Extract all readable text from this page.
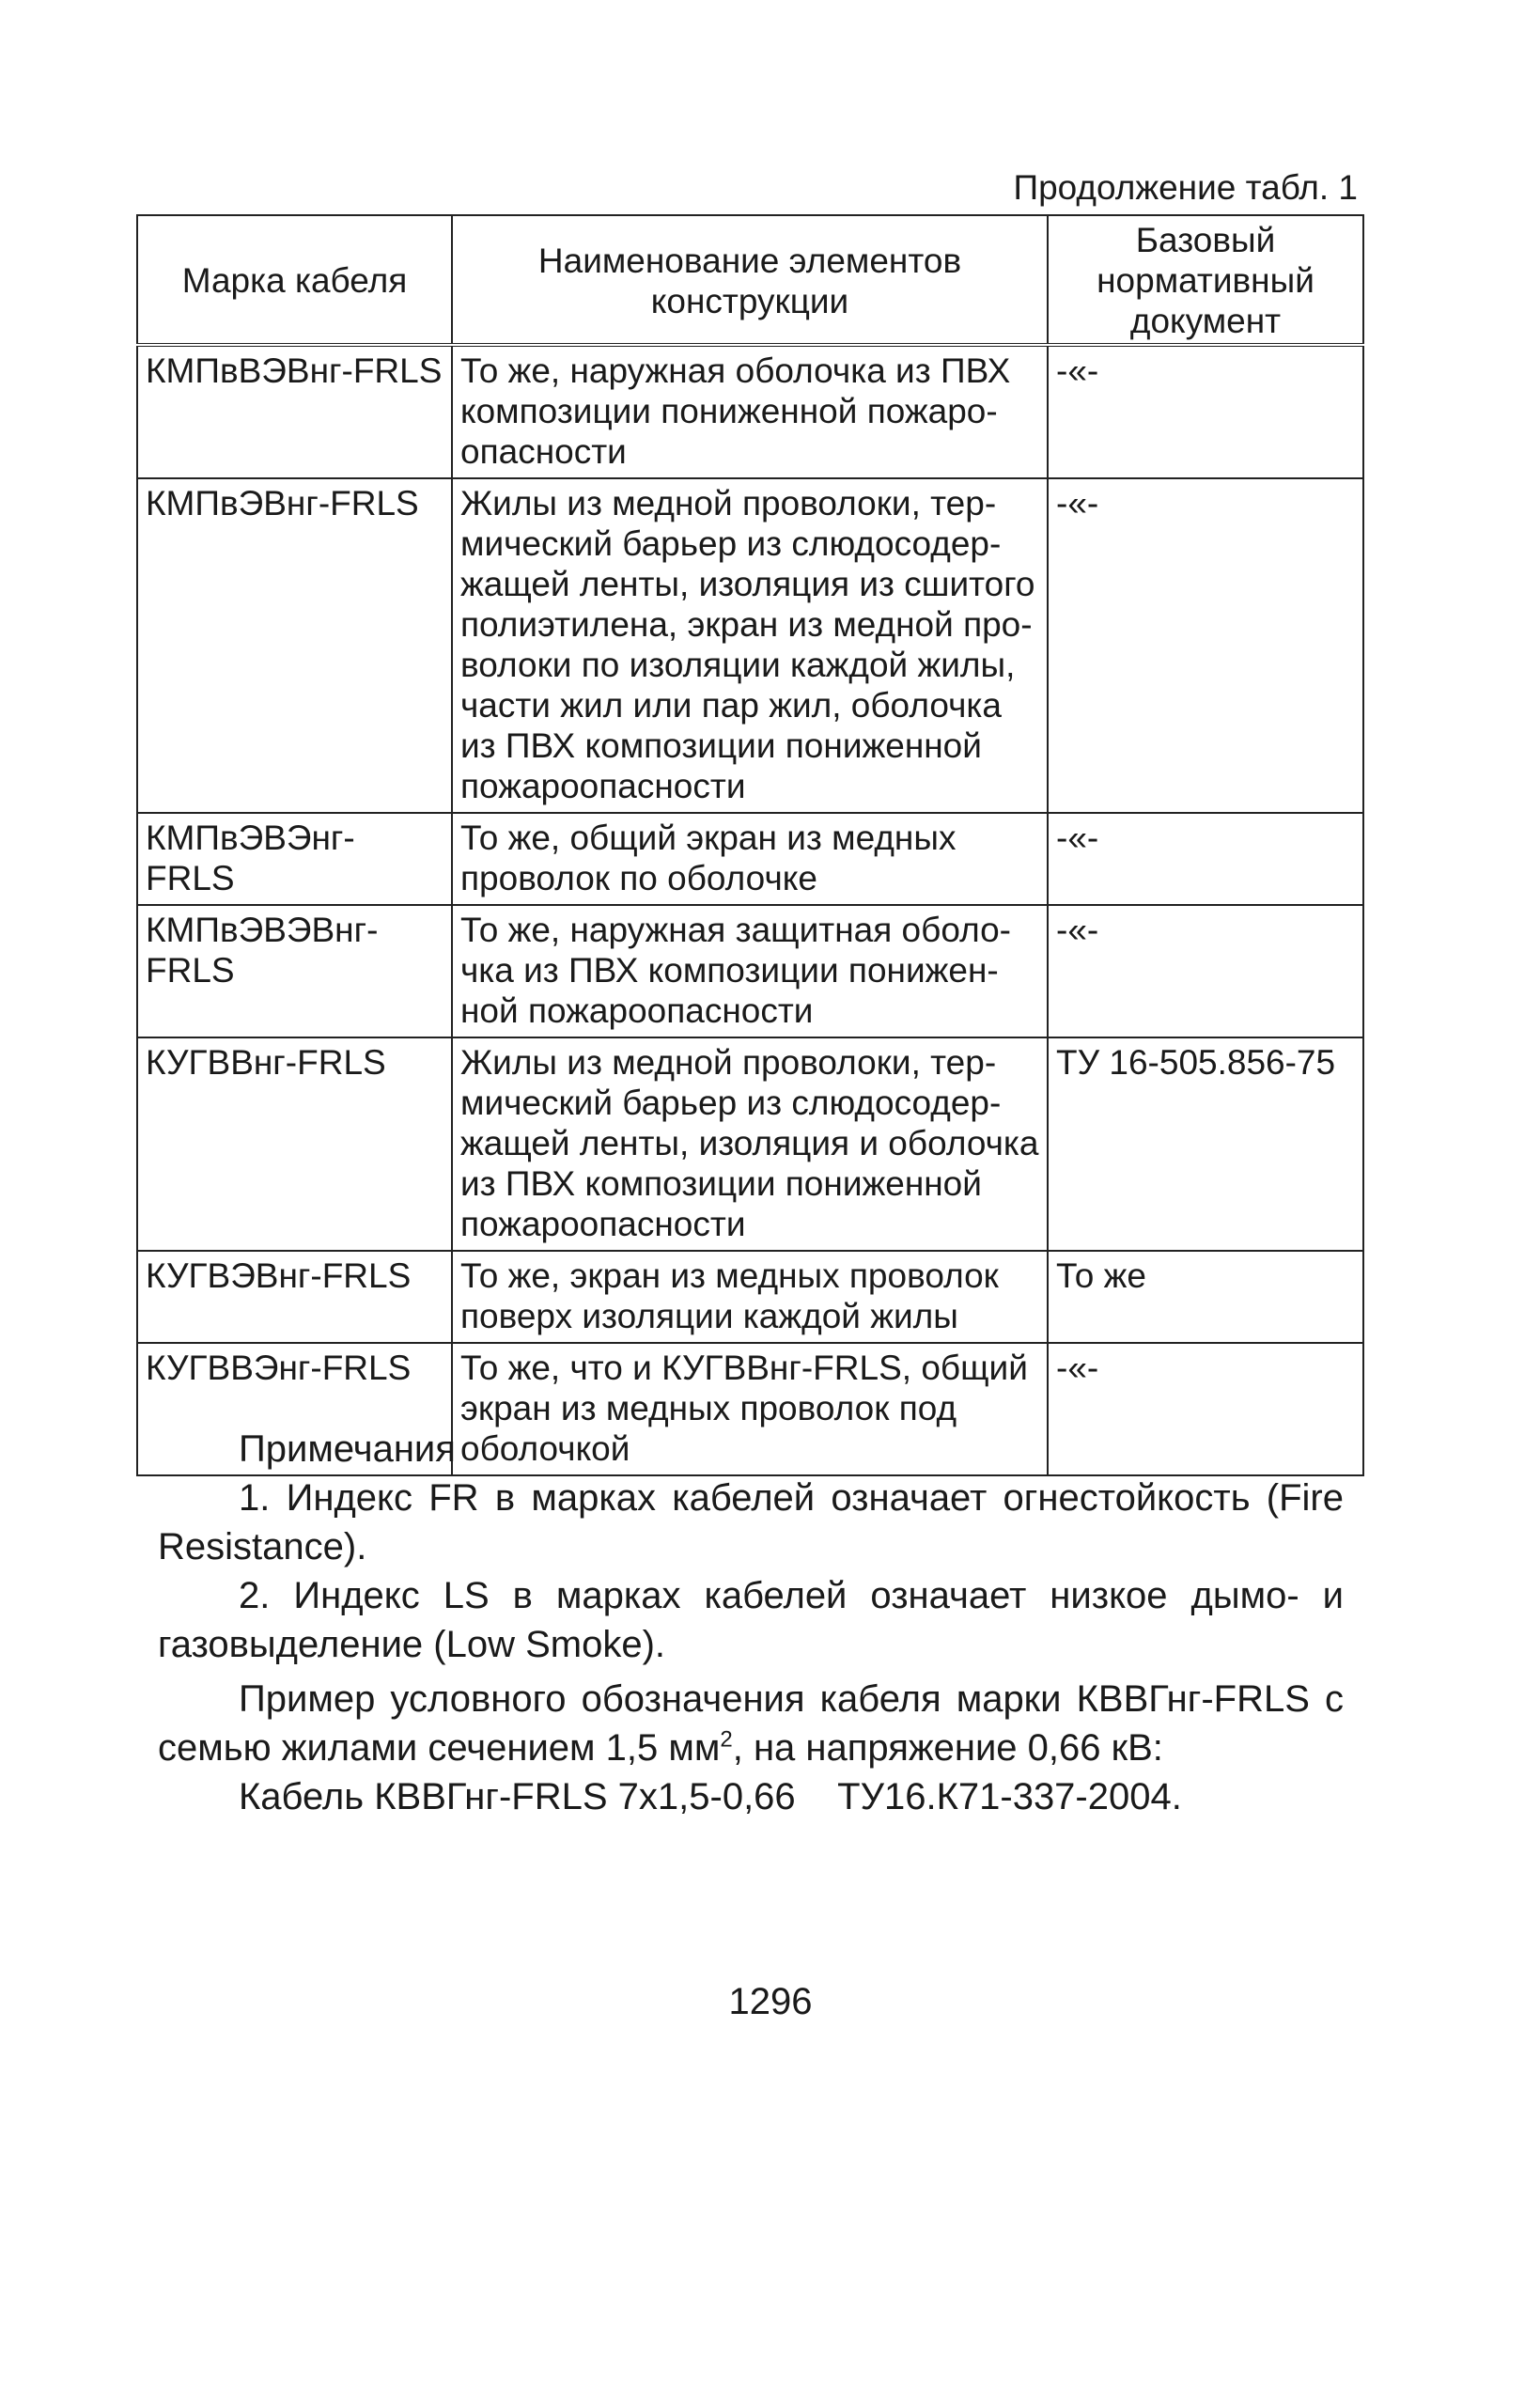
Продолжение табл. 1
Марка кабеля	Наименование элементов конструкции	Базовый нормативный документ
КМПвВЭВнг-FRLS	То же, наружная оболочка из ПВХ композиции пониженной пожаро-опасности	-«-
КМПвЭВнг-FRLS	Жилы из медной проволоки, тер-мический барьер из слюдосодер-жащей ленты, изоляция из сшитого полиэтилена, экран из медной про-волоки по изоляции каждой жилы, части жил или пар жил, оболочка из ПВХ композиции пониженной пожароопасности	-«-
КМПвЭВЭнг-FRLS	То же, общий экран из медных проволок по оболочке	-«-
КМПвЭВЭВнг-FRLS	То же, наружная защитная оболо-чка из ПВХ композиции понижен-ной пожароопасности	-«-
КУГВВнг-FRLS	Жилы из медной проволоки, тер-мический барьер из слюдосодер-жащей ленты, изоляция и оболочка из ПВХ композиции пониженной пожароопасности	ТУ 16-505.856-75
КУГВЭВнг-FRLS	То же, экран из медных проволок поверх изоляции каждой жилы	То же
КУГВВЭнг-FRLS	То же, что и КУГВВнг-FRLS, общий экран из медных проволок под оболочкой	-«-
Примечания

1. Индекс FR в марках кабелей означает огнестойкость (Fire Resistance).

2. Индекс LS в марках кабелей означает низкое дымо- и газовыделение (Low Smoke).

Пример условного обозначения кабеля марки КВВГнг-FRLS с семью жилами сечением 1,5 $мм^2$, на напряжение 0,66 кВ:

Кабель КВВГнг-FRLS 7х1,5-0,66    ТУ16.К71-337-2004.

1296
